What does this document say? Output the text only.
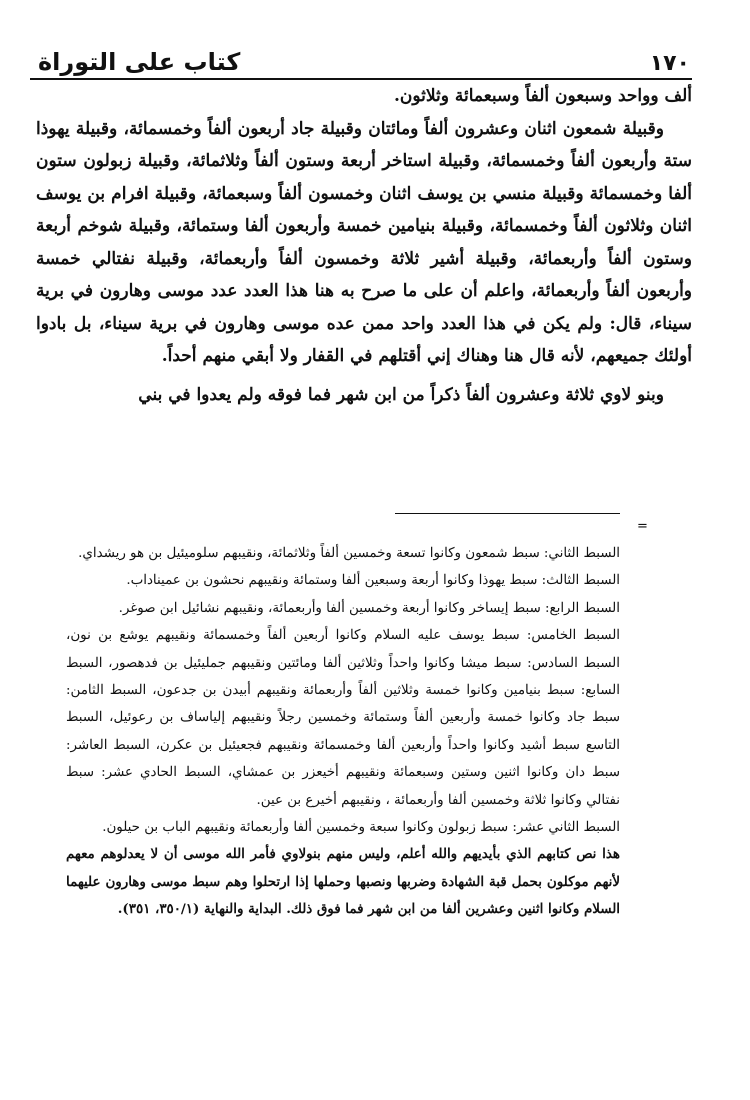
١٧٠
كتاب على التوراة

ألف وواحد وسبعون ألفاً وسبعمائة وثلاثون.

وقبيلة شمعون اثنان وعشرون ألفاً ومائتان وقبيلة جاد أربعون ألفاً وخمسمائة، وقبيلة يهوذا ستة وأربعون ألفاً وخمسمائة، وقبيلة استاخر أربعة وستون ألفاً وثلاثمائة، وقبيلة زبولون ستون ألفا وخمسمائة وقبيلة منسي بن يوسف اثنان وخمسون ألفاً وسبعمائة، وقبيلة افرام بن يوسف اثنان وثلاثون ألفاً وخمسمائة، وقبيلة بنيامين خمسة وأربعون ألفا وستمائة، وقبيلة شوخم أربعة وستون ألفاً وأربعمائة، وقبيلة أشير ثلاثة وخمسون ألفاً وأربعمائة، وقبيلة نفتالي خمسة وأربعون ألفاً وأربعمائة، واعلم أن على ما صرح به هنا هذا العدد عدد موسى وهارون في برية سيناء، قال: ولم يكن في هذا العدد واحد ممن عده موسى وهارون في برية سيناء، بل بادوا أولئك جميعهم، لأنه قال هنا وهناك إني أقتلهم في القفار ولا أبقي منهم أحداً.

وبنو لاوي ثلاثة وعشرون ألفاً ذكراً من ابن شهر فما فوقه ولم يعدوا في بني

=

السبط الثاني: سبط شمعون وكانوا تسعة وخمسين ألفاً وثلاثمائة، ونقيبهم سلوميئيل بن هو ريشداي.

السبط الثالث: سبط يهوذا وكانوا أربعة وسبعين ألفا وستمائة ونقيبهم نحشون بن عميناداب.

السبط الرابع: سبط إيساخر وكانوا أربعة وخمسين ألفا وأربعمائة، ونقيبهم نشائيل ابن صوغر.

السبط الخامس: سبط يوسف عليه السلام وكانوا أربعين ألفاً وخمسمائة ونقيبهم يوشع بن نون، السبط السادس: سبط ميشا وكانوا واحداً وثلاثين ألفا ومائتين ونقيبهم جمليئيل بن فدهصور، السبط السابع: سبط بنيامين وكانوا خمسة وثلاثين ألفاً وأربعمائة ونقيبهم أبيدن بن جدعون، السبط الثامن: سبط جاد وكانوا خمسة وأربعين ألفاً وستمائة وخمسين رجلاً ونقيبهم إلياساف بن رعوئيل، السبط التاسع سبط أشيد وكانوا واحداً وأربعين ألفا وخمسمائة ونقيبهم فجعيئيل بن عكرن، السبط العاشر: سبط دان وكانوا اثنين وستين وسبعمائة ونقيبهم أخيعزر بن عمشاي، السبط الحادي عشر: سبط نفتالي وكانوا ثلاثة وخمسين ألفا وأربعمائة ، ونقيبهم أخيرع بن عين.

السبط الثاني عشر: سبط زبولون وكانوا سبعة وخمسين ألفا وأربعمائة ونقيبهم الباب بن حيلون.

هذا نص كتابهم الذي بأيديهم والله أعلم، وليس منهم بنولاوي فأمر الله موسى أن لا يعدلوهم معهم لأنهم موكلون بحمل قبة الشهادة وضربها ونصبها وحملها إذا ارتحلوا وهم سبط موسى وهارون عليهما السلام وكانوا اثنين وعشرين ألفا من ابن شهر فما فوق ذلك. البداية والنهاية (٣٥٠/١، ٣٥١).
